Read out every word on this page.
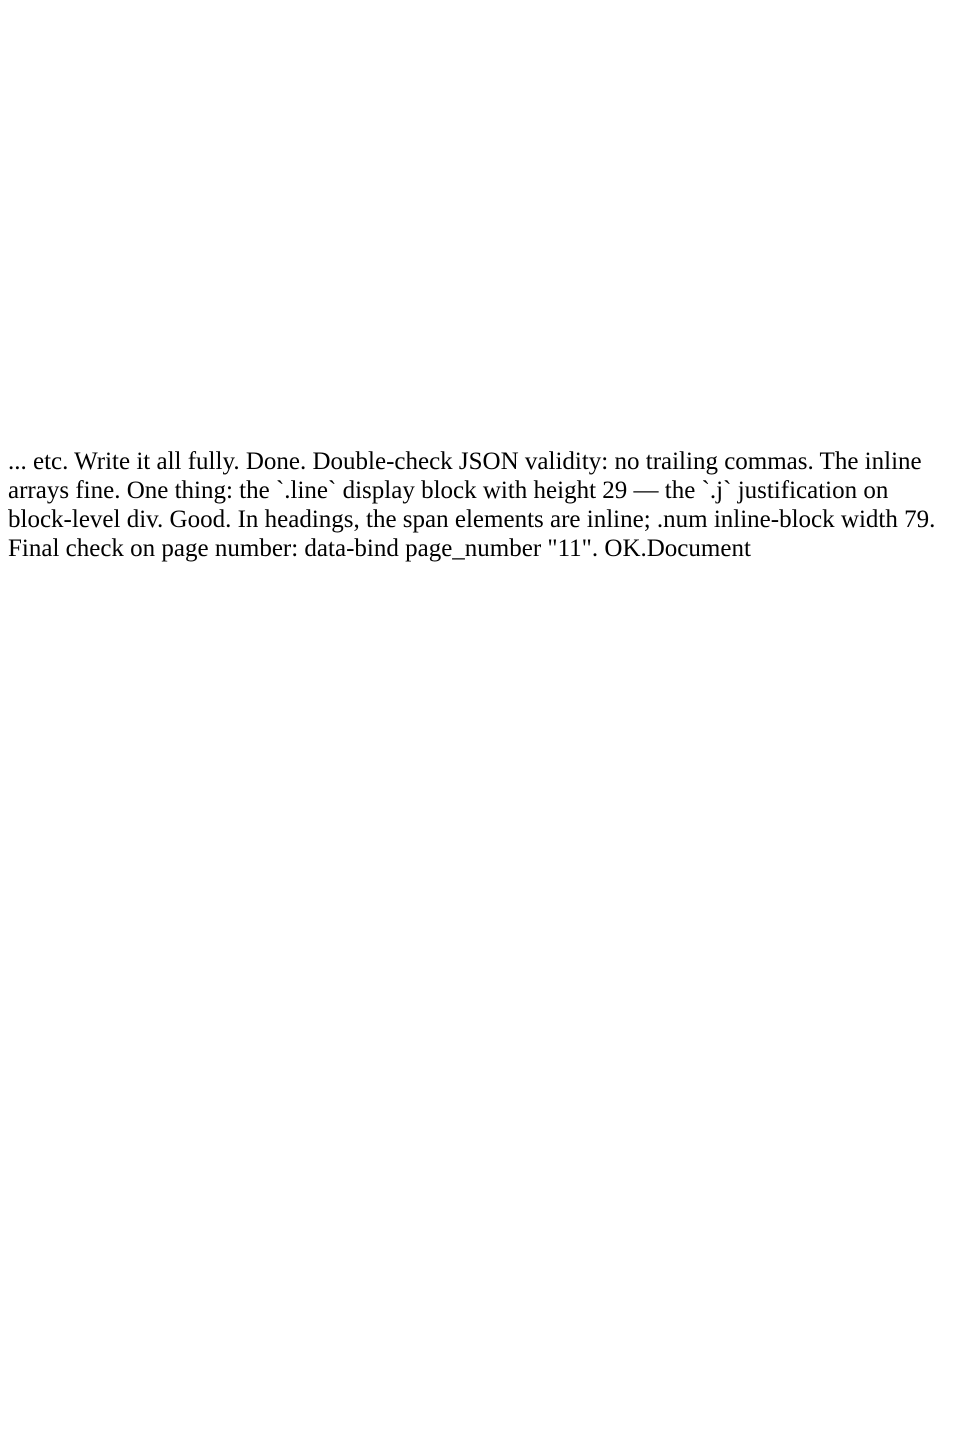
... etc. Write it all fully. Done. Double-check JSON validity: no trailing commas. The inline arrays fine. One thing: the `.line` display block with height 29 — the `.j` justification on block-level div. Good. In headings, the span elements are inline; .num inline-block width 79. Final check on page number: data-bind page_number "11". OK.Document
